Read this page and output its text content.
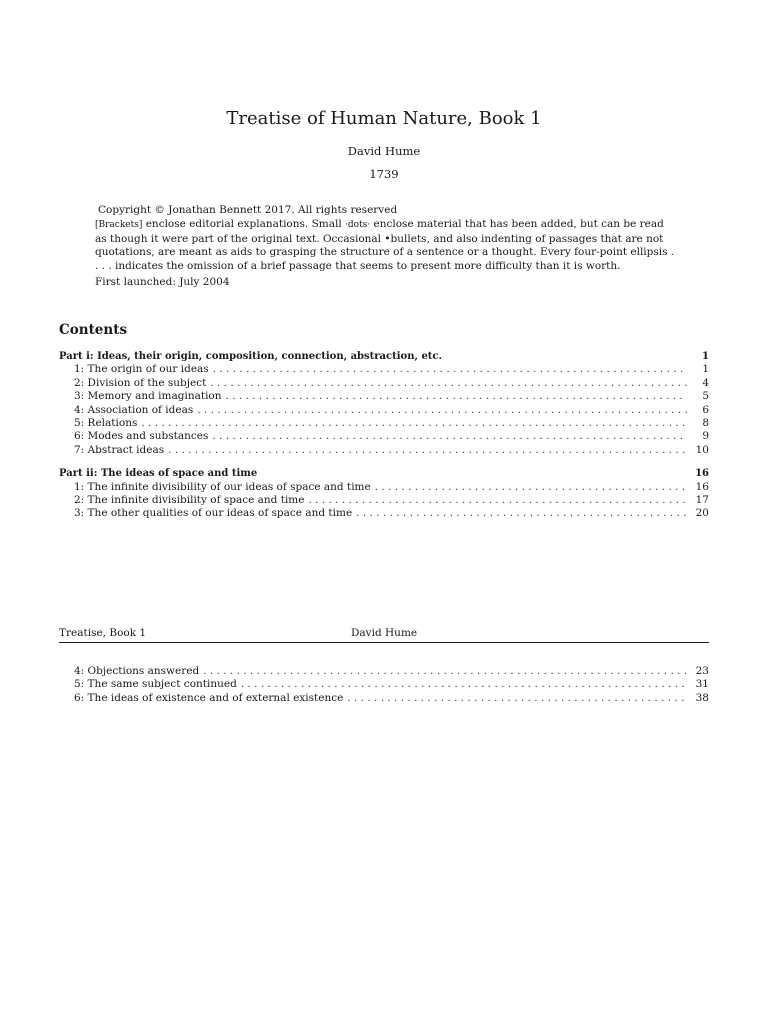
Treatise of Human Nature, Book 1
David Hume
1739
Copyright © Jonathan Bennett 2017. All rights reserved
[Brackets] enclose editorial explanations. Small ·dots· enclose material that has been added, but can be read as though it were part of the original text. Occasional •bullets, and also indenting of passages that are not quotations, are meant as aids to grasping the structure of a sentence or a thought. Every four-point ellipsis . . . . indicates the omission of a brief passage that seems to present more difficulty than it is worth.
First launched: July 2004
Contents
Part i: Ideas, their origin, composition, connection, abstraction, etc.	1
1: The origin of our ideas . . .	1
2: Division of the subject . . .	4
3: Memory and imagination . . .	5
4: Association of ideas . . .	6
5: Relations . . .	8
6: Modes and substances . . .	9
7: Abstract ideas . . .	10
Part ii: The ideas of space and time	16
1: The infinite divisibility of our ideas of space and time . . .	16
2: The infinite divisibility of space and time . . .	17
3: The other qualities of our ideas of space and time . . .	20
Treatise, Book 1	David Hume
4: Objections answered . . .	23
5: The same subject continued . . .	31
6: The ideas of existence and of external existence . . .	38
